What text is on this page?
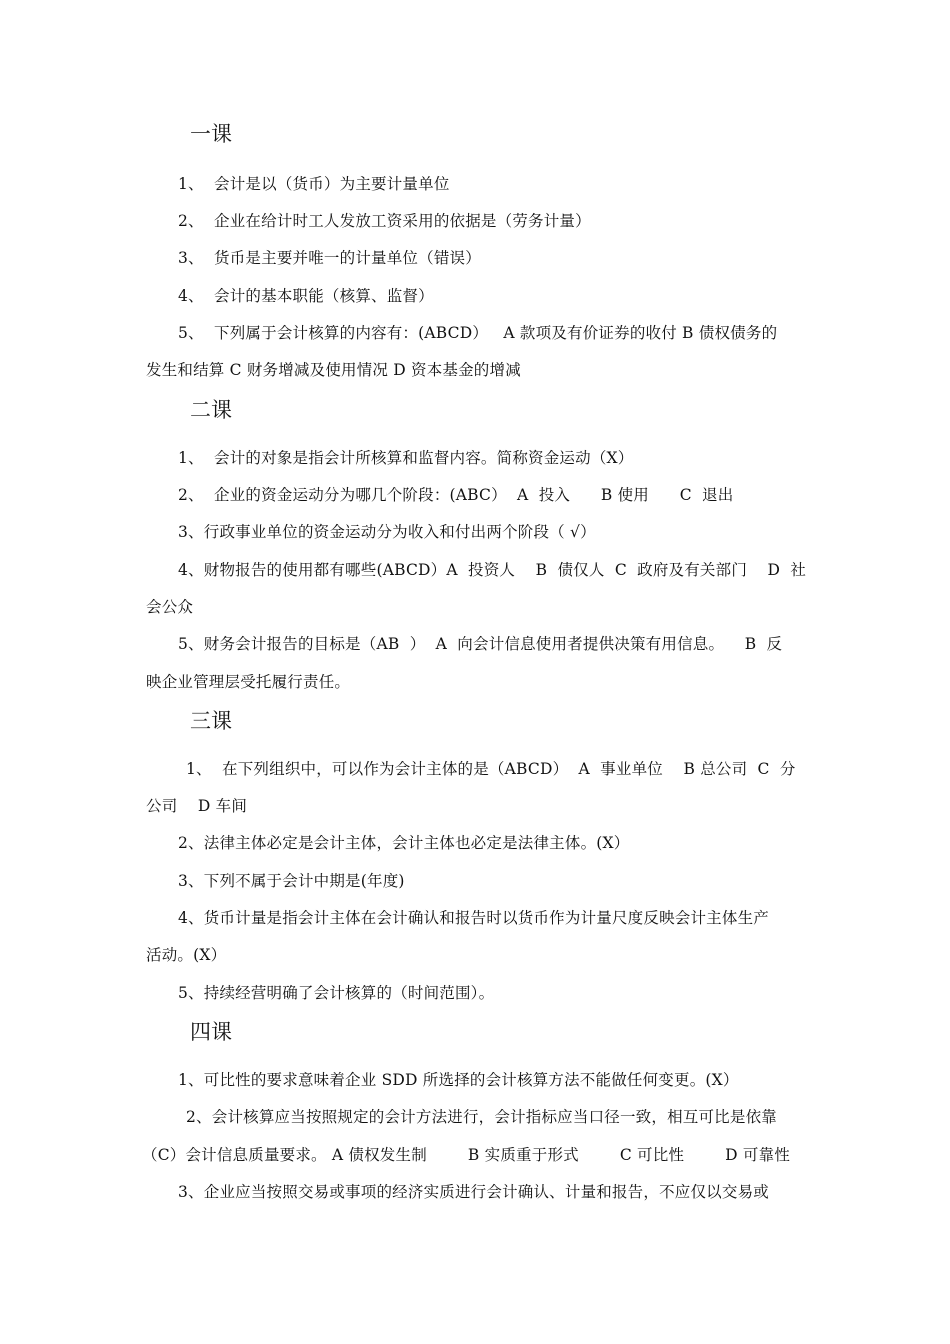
一课
1、  会计是以（货币）为主要计量单位
2、  企业在给计时工人发放工资采用的依据是（劳务计量）
3、  货币是主要并唯一的计量单位（错误）
4、  会计的基本职能（核算、监督）
5、  下列属于会计核算的内容有：(ABCD）   A 款项及有价证券的收付 B 债权债务的
发生和结算 C 财务增减及使用情况 D 资本基金的增减
二课
1、  会计的对象是指会计所核算和监督内容。简称资金运动（X）
2、  企业的资金运动分为哪几个阶段：(ABC）  A  投入      B 使用      C  退出
3、行政事业单位的资金运动分为收入和付出两个阶段（ √）
4、财物报告的使用都有哪些(ABCD）A  投资人    B  债仅人  C  政府及有关部门    D  社
会公众
5、财务会计报告的目标是（AB  ）  A  向会计信息使用者提供决策有用信息。    B  反
映企业管理层受托履行责任。
三课
1、  在下列组织中，可以作为会计主体的是（ABCD）  A  事业单位    B 总公司  C  分
公司    D 车间
2、法律主体必定是会计主体，会计主体也必定是法律主体。(X）
3、下列不属于会计中期是(年度)
4、货币计量是指会计主体在会计确认和报告时以货币作为计量尺度反映会计主体生产
活动。(X）
5、持续经营明确了会计核算的（时间范围）。
四课
1、可比性的要求意味着企业 SDD 所选择的会计核算方法不能做任何变更。(X）
2、会计核算应当按照规定的会计方法进行，会计指标应当口径一致，相互可比是依靠
（C）会计信息质量要求。 A 债权发生制        B 实质重于形式        C 可比性        D 可靠性
3、企业应当按照交易或事项的经济实质进行会计确认、计量和报告，不应仅以交易或
